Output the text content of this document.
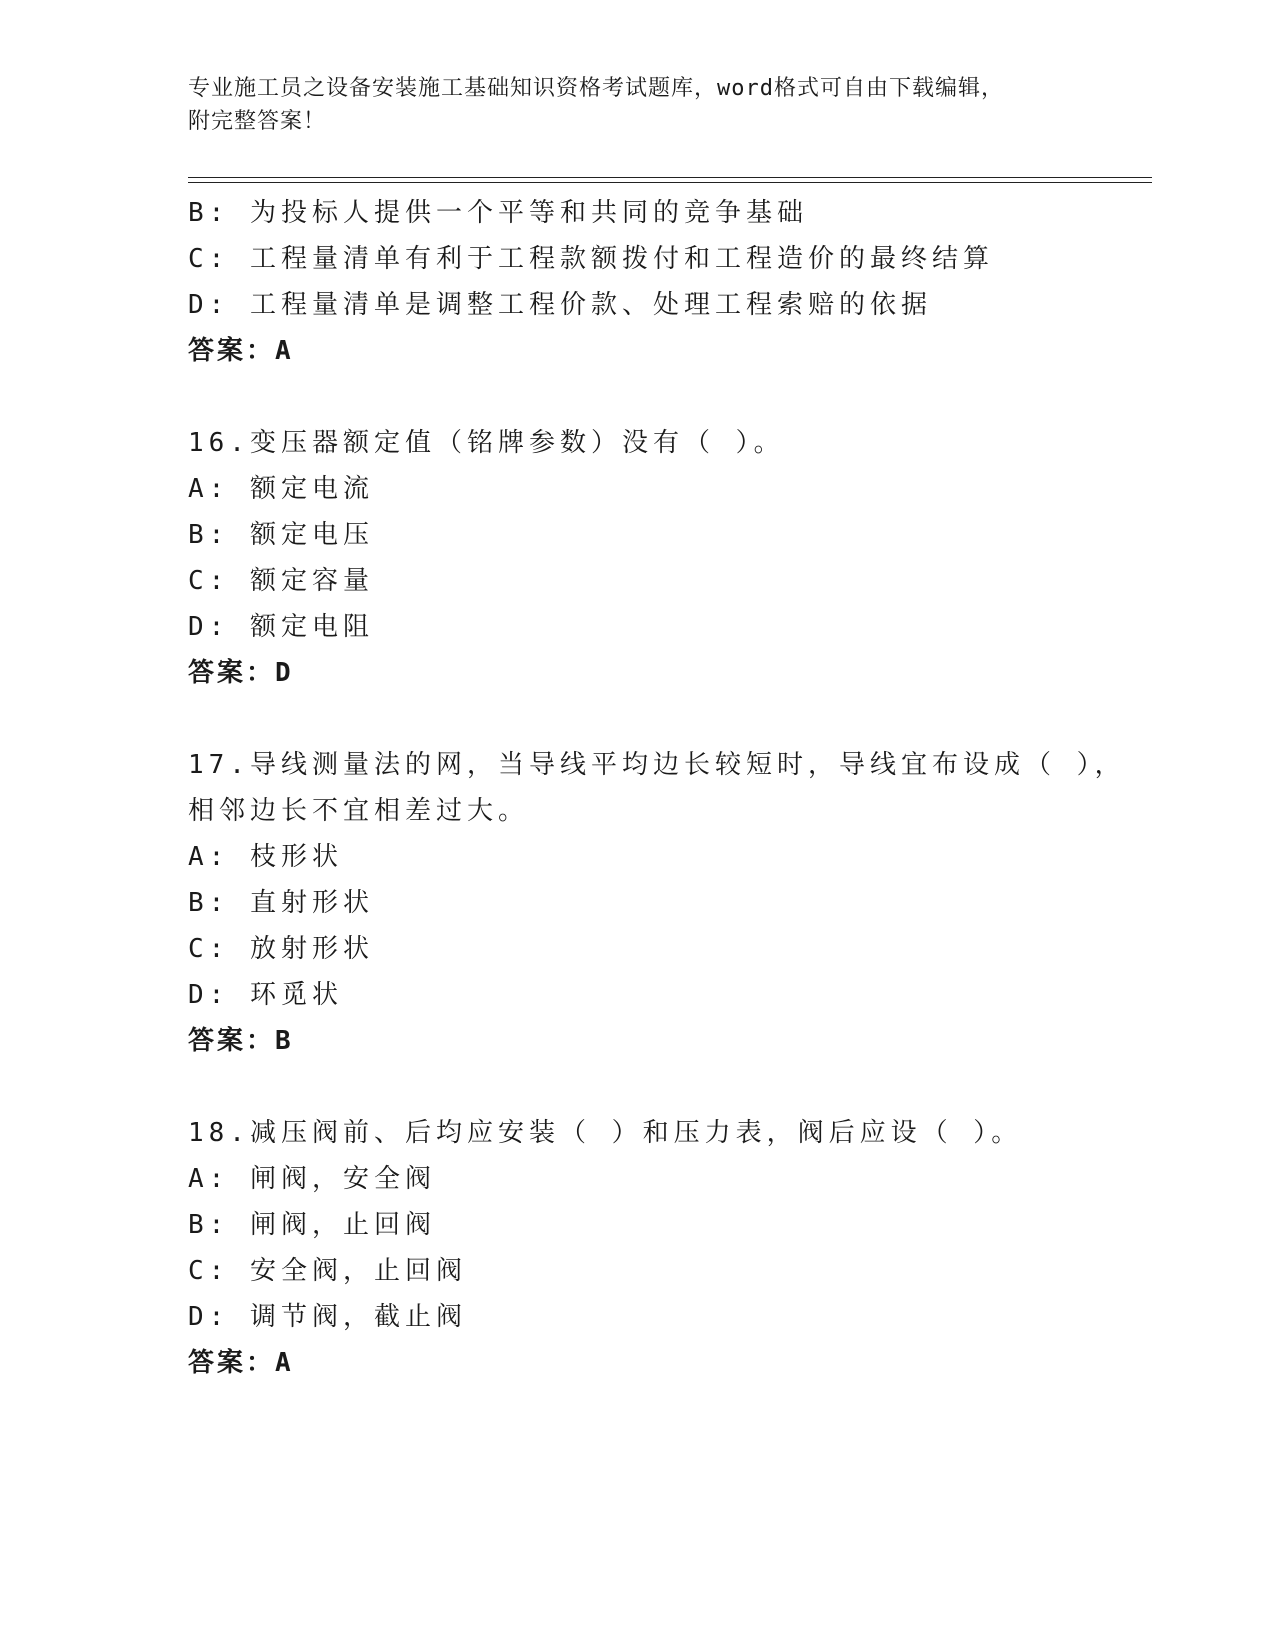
专业施工员之设备安装施工基础知识资格考试题库，word格式可自由下载编辑，
附完整答案！
B: 为投标人提供一个平等和共同的竞争基础
C: 工程量清单有利于工程款额拨付和工程造价的最终结算
D: 工程量清单是调整工程价款、处理工程索赔的依据
答案：A
16.变压器额定值（铭牌参数）没有（ ）。
A: 额定电流
B: 额定电压
C: 额定容量
D: 额定电阻
答案：D
17.导线测量法的网，当导线平均边长较短时，导线宜布设成（ ），
相邻边长不宜相差过大。
A: 枝形状
B: 直射形状
C: 放射形状
D: 环觅状
答案：B
18.减压阀前、后均应安装（ ）和压力表，阀后应设（ ）。
A: 闸阀，安全阀
B: 闸阀，止回阀
C: 安全阀，止回阀
D: 调节阀，截止阀
答案：A
